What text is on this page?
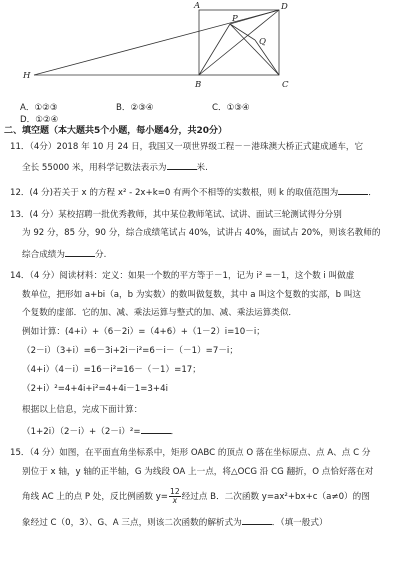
A	D
P
Q
H
B	C
A．①②③	B．②③④	C．①③④D．①②④
二、填空题（本大题共5个小题，每小题4分，共20分）
11．（4分）2018 年 10 月 24 日，我国又一项世界级工程－－港珠澳大桥正式建成通车，它
全长 55000 米，用科学记数法表示为	米.
12．(4 分)若关于 x 的方程 x² - 2x+k=0 有两个不相等的实数根，则 k 的取值范围为	．
13．(4 分）某校招聘一批优秀教师，其中某位教师笔试、试讲、面试三轮测试得分分别
为 92 分，85 分，90 分，综合成绩笔试占 40%，试讲占 40%，面试占 20%，则该名教师的
综合成绩为	分.
14．（4 分）阅读材料：定义：如果一个数的平方等于－1，记为 i² =－1，这个数 i 叫做虚
数单位，把形如 a+bi（a，b 为实数）的数叫做复数，其中 a 叫这个复数的实部，b 叫这
个复数的虚部．它的加、减、乘法运算与整式的加、减、乘法运算类似．
例如计算：(4+i）+（6－2i）=（4+6）+（1－2）i=10－i；
（2－i）（3+i）=6－3i+2i－i²=6－i－（－1）=7－i；
（4+i）（4－i）=16－i²=16－（－1）=17；
（2+i）²=4+4i+i²=4+4i－1=3+4i
根据以上信息，完成下面计算：
（1+2i）（2－i）+（2－i）²=	．
15．（4 分）如图，在平面直角坐标系中，矩形 OABC 的顶点 O 落在坐标原点、点 A、点 C 分
别位于 x 轴，y 轴的正半轴，G 为线段 OA 上一点，将△OCG 沿 CG 翻折，O 点恰好落在对
角线 AC 上的点 P 处，反比例函数 $y= \frac{12}{x}$ 经过点 B．二次函数 y=ax²+bx+c（a≠0）的图
象经过 C（0，3）、G、A 三点，则该二次函数的解析式为	．（填一般式）
